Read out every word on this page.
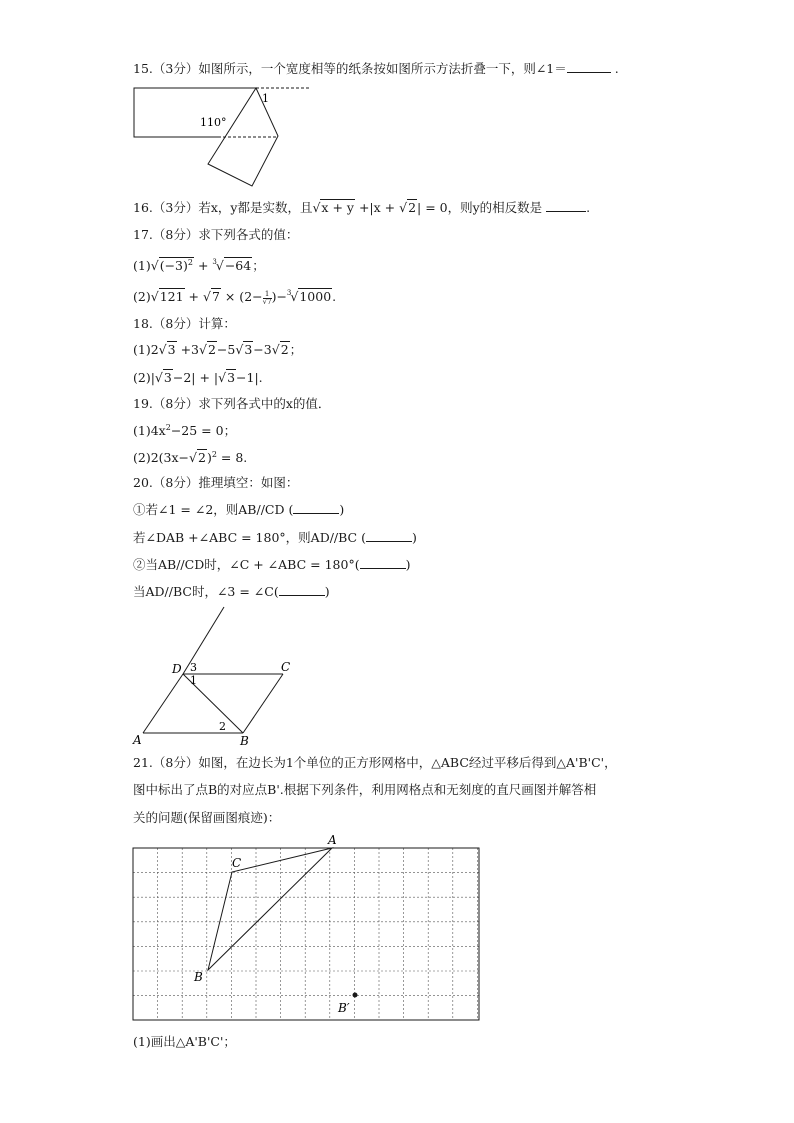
15.（3分）如图所示，一个宽度相等的纸条按如图所示方法折叠一下，则∠1＝	.
110°
1
16.（3分）若x，y都是实数，且√x + y +|x + √2| = 0，则y的相反数是	.
17.（8分）求下列各式的值：
$(1)√(-3)^2 + ^3√-64$；
$(2)√121 + √7 \times (2- \frac{1}{√7} )-^3√1000$.
18.（8分）计算：
(1)2√3 +3√2−5√3−3√2；
(2)|√3−2| + |√3−1|.
19.（8分）求下列各式中的x的值．
$(1)4x^2-25 = 0$；
$(2)2(3x-√2)^2 = 8$.
20.（8分）推理填空：如图：
①若∠1 = ∠2，则AB//CD (	)
若∠DAB +∠ABC = 180°，则AD//BC (	)
②当AB//CD时，∠C + ∠ABC = 180°(	)
当AD//BC时，∠3 = ∠C(	)
D	C
A	B
3
1
2
21.（8分）如图，在边长为1个单位的正方形网格中，△ABC经过平移后得到△A'B'C'，
图中标出了点B的对应点B'.根据下列条件，利用网格点和无刻度的直尺画图并解答相
关的问题(保留画图痕迹)：
A
C
B
B′
(1)画出△A'B'C'；
